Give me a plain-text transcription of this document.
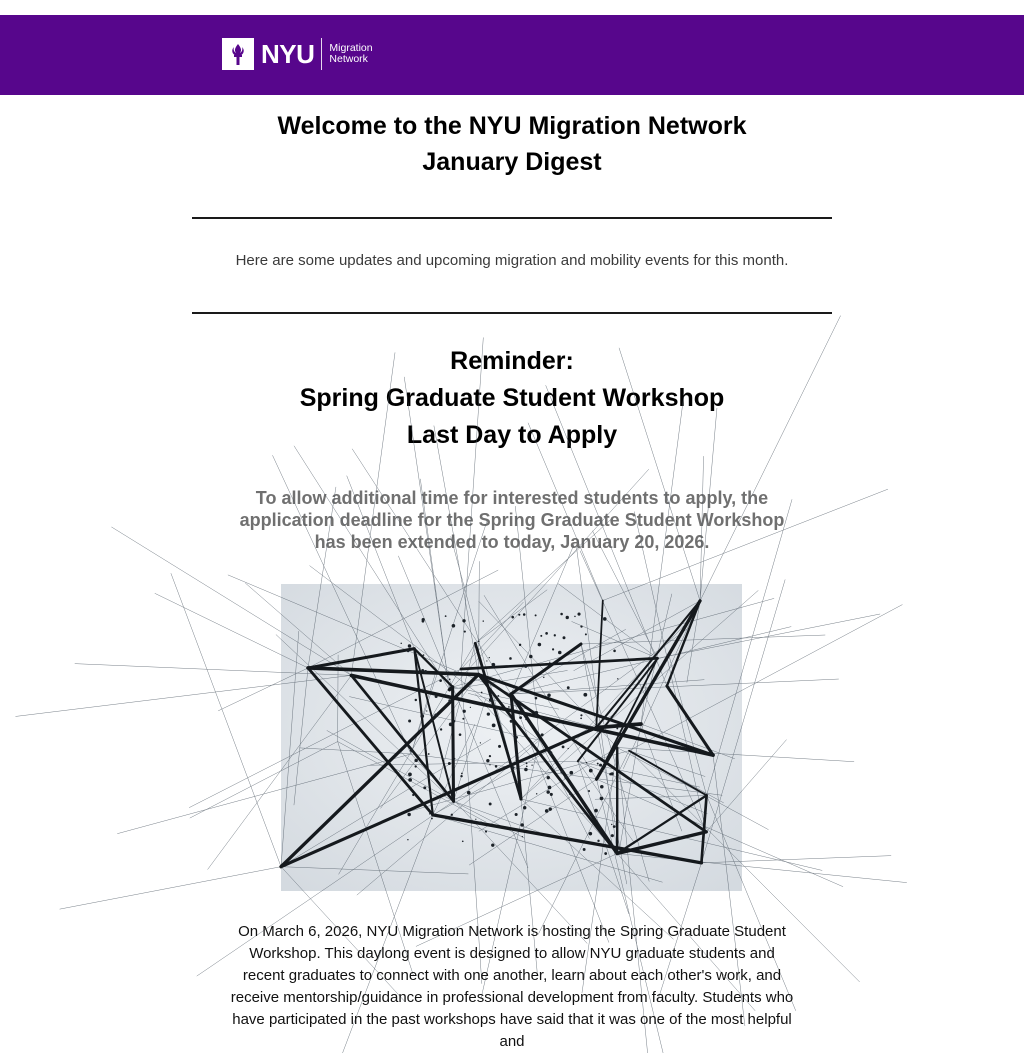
NYU Migration
Network
Welcome to the NYU Migration Network
January Digest

Here are some updates and upcoming migration and mobility events for this month.

Reminder:
Spring Graduate Student Workshop
Last Day to Apply

To allow additional time for interested students to apply, the application deadline for the Spring Graduate Student Workshop has been extended to today, January 20, 2026.

On March 6, 2026, NYU Migration Network is hosting the Spring Graduate Student Workshop. This daylong event is designed to allow NYU graduate students and recent graduates to connect with one another, learn about each other's work, and receive mentorship/guidance in professional development from faculty. Students who have participated in the past workshops have said that it was one of the most helpful and
